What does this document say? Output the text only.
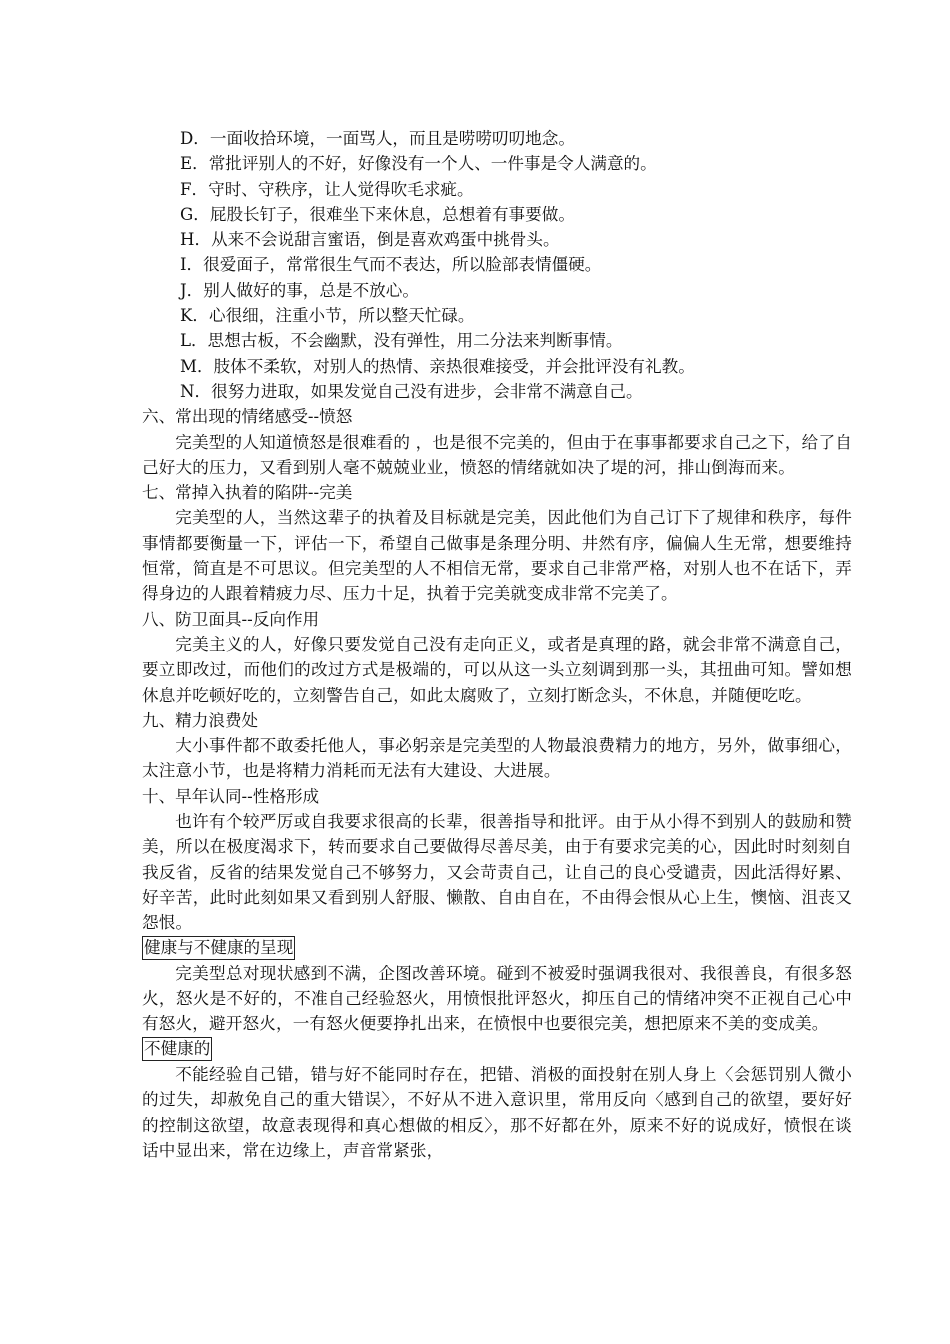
D．一面收拾环境，一面骂人，而且是唠唠叨叨地念。
E．常批评别人的不好，好像没有一个人、一件事是令人满意的。
F．守时、守秩序，让人觉得吹毛求疵。
G．屁股长钉子，很难坐下来休息，总想着有事要做。
H．从来不会说甜言蜜语，倒是喜欢鸡蛋中挑骨头。
I．很爱面子，常常很生气而不表达，所以脸部表情僵硬。
J．别人做好的事，总是不放心。
K．心很细，注重小节，所以整天忙碌。
L．思想古板，不会幽默，没有弹性，用二分法来判断事情。
M．肢体不柔软，对别人的热情、亲热很难接受，并会批评没有礼教。
N．很努力进取，如果发觉自己没有进步，会非常不满意自己。
六、常出现的情绪感受--愤怒
完美型的人知道愤怒是很难看的 ，也是很不完美的，但由于在事事都要求自己之下，给了自己好大的压力，又看到别人毫不兢兢业业，愤怒的情绪就如决了堤的河，排山倒海而来。
七、常掉入执着的陷阱--完美
完美型的人，当然这辈子的执着及目标就是完美，因此他们为自己订下了规律和秩序，每件事情都要衡量一下，评估一下，希望自己做事是条理分明、井然有序，偏偏人生无常，想要维持恒常，简直是不可思议。但完美型的人不相信无常，要求自己非常严格，对别人也不在话下，弄得身边的人跟着精疲力尽、压力十足，执着于完美就变成非常不完美了。
八、防卫面具--反向作用
完美主义的人，好像只要发觉自己没有走向正义，或者是真理的路，就会非常不满意自己，要立即改过，而他们的改过方式是极端的，可以从这一头立刻调到那一头，其扭曲可知。譬如想休息并吃顿好吃的，立刻警告自己，如此太腐败了，立刻打断念头，不休息，并随便吃吃。
九、精力浪费处
大小事件都不敢委托他人，事必躬亲是完美型的人物最浪费精力的地方，另外，做事细心，太注意小节，也是将精力消耗而无法有大建设、大进展。
十、早年认同--性格形成
也许有个较严厉或自我要求很高的长辈，很善指导和批评。由于从小得不到别人的鼓励和赞美，所以在极度渴求下，转而要求自己要做得尽善尽美，由于有要求完美的心，因此时时刻刻自我反省，反省的结果发觉自己不够努力，又会苛责自己，让自己的良心受谴责，因此活得好累、好辛苦，此时此刻如果又看到别人舒服、懒散、自由自在，不由得会恨从心上生，懊恼、沮丧又怨恨。
健康与不健康的呈现
完美型总对现状感到不满，企图改善环境。碰到不被爱时强调我很对、我很善良，有很多怒火，怒火是不好的，不准自己经验怒火，用愤恨批评怒火，抑压自己的情绪冲突不正视自己心中有怒火，避开怒火，一有怒火便要挣扎出来，在愤恨中也要很完美，想把原来不美的变成美。
不健康的
不能经验自己错，错与好不能同时存在，把错、消极的面投射在别人身上〈会惩罚别人微小的过失，却赦免自己的重大错误〉，不好从不进入意识里，常用反向〈感到自己的欲望，要好好的控制这欲望，故意表现得和真心想做的相反〉，那不好都在外，原来不好的说成好，愤恨在谈话中显出来，常在边缘上，声音常紧张，
